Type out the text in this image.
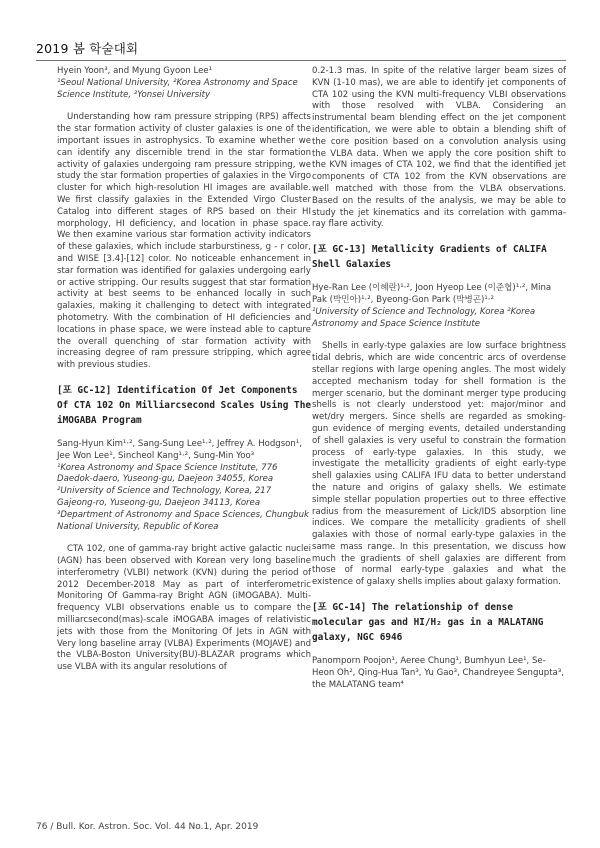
2019 봄 학술대회

Hyein Yoon³, and Myung Gyoon Lee¹

¹Seoul National University, ²Korea Astronomy and Space Science Institute, ³Yonsei University

Understanding how ram pressure stripping (RPS) affects the star formation activity of cluster galaxies is one of the important issues in astrophysics. To examine whether we can identify any discernible trend in the star formation activity of galaxies undergoing ram pressure stripping, we study the star formation properties of galaxies in the Virgo cluster for which high-resolution HI images are available. We first classify galaxies in the Extended Virgo Cluster Catalog into different stages of RPS based on their HI morphology, HI deficiency, and location in phase space. We then examine various star formation activity indicators of these galaxies, which include starburstiness, g - r color, and WISE [3.4]-[12] color. No noticeable enhancement in star formation was identified for galaxies undergoing early or active stripping. Our results suggest that star formation activity at best seems to be enhanced locally in such galaxies, making it challenging to detect with integrated photometry. With the combination of HI deficiencies and locations in phase space, we were instead able to capture the overall quenching of star formation activity with increasing degree of ram pressure stripping, which agree with previous studies.

[포 GC-12] Identification Of Jet Components Of CTA 102 On Milliarcsecond Scales Using The iMOGABA Program

Sang-Hyun Kim¹·², Sang-Sung Lee¹·², Jeffrey A. Hodgson¹, Jee Won Lee¹, Sincheol Kang¹·², Sung-Min Yoo³

¹Korea Astronomy and Space Science Institute, 776 Daedok-daero, Yuseong-gu, Daejeon 34055, Korea ²University of Science and Technology, Korea, 217 Gajeong-ro, Yuseong-gu, Daejeon 34113, Korea ³Department of Astronomy and Space Sciences, Chungbuk National University, Republic of Korea

CTA 102, one of gamma-ray bright active galactic nuclei (AGN) has been observed with Korean very long baseline interferometry (VLBI) network (KVN) during the period of 2012 December-2018 May as part of interferometric Monitoring Of Gamma-ray Bright AGN (iMOGABA). Multi-frequency VLBI observations enable us to compare the milliarcsecond(mas)-scale iMOGABA images of relativistic jets with those from the Monitoring Of Jets in AGN with Very long baseline array (VLBA) Experiments (MOJAVE) and the VLBA-Boston University(BU)-BLAZAR programs which use VLBA with its angular resolutions of

0.2-1.3 mas. In spite of the relative larger beam sizes of KVN (1-10 mas), we are able to identify jet components of CTA 102 using the KVN multi-frequency VLBI observations with those resolved with VLBA. Considering an instrumental beam blending effect on the jet component identification, we were able to obtain a blending shift of the core position based on a convolution analysis using the VLBA data. When we apply the core position shift to the KVN images of CTA 102, we find that the identified jet components of CTA 102 from the KVN observations are well matched with those from the VLBA observations. Based on the results of the analysis, we may be able to study the jet kinematics and its correlation with gamma-ray flare activity.

[포 GC-13] Metallicity Gradients of CALIFA Shell Galaxies

Hye-Ran Lee (이혜란)¹·², Joon Hyeop Lee (이준협)¹·², Mina Pak (박민아)¹·², Byeong-Gon Park (박병곤)¹·²

¹University of Science and Technology, Korea ²Korea Astronomy and Space Science Institute

Shells in early-type galaxies are low surface brightness tidal debris, which are wide concentric arcs of overdense stellar regions with large opening angles. The most widely accepted mechanism today for shell formation is the merger scenario, but the dominant merger type producing shells is not clearly understood yet: major/minor and wet/dry mergers. Since shells are regarded as smoking-gun evidence of merging events, detailed understanding of shell galaxies is very useful to constrain the formation process of early-type galaxies. In this study, we investigate the metallicity gradients of eight early-type shell galaxies using CALIFA IFU data to better understand the nature and origins of galaxy shells. We estimate simple stellar population properties out to three effective radius from the measurement of Lick/IDS absorption line indices. We compare the metallicity gradients of shell galaxies with those of normal early-type galaxies in the same mass range. In this presentation, we discuss how much the gradients of shell galaxies are different from those of normal early-type galaxies and what the existence of galaxy shells implies about galaxy formation.

[포 GC-14] The relationship of dense molecular gas and HI/H₂ gas in a MALATANG galaxy, NGC 6946

Panomporn Poojon¹, Aeree Chung¹, Bumhyun Lee¹, Se-Heon Oh², Qing-Hua Tan³, Yu Gao³, Chandreyee Sengupta³, the MALATANG team⁴

76 / Bull. Kor. Astron. Soc. Vol. 44 No.1, Apr. 2019
